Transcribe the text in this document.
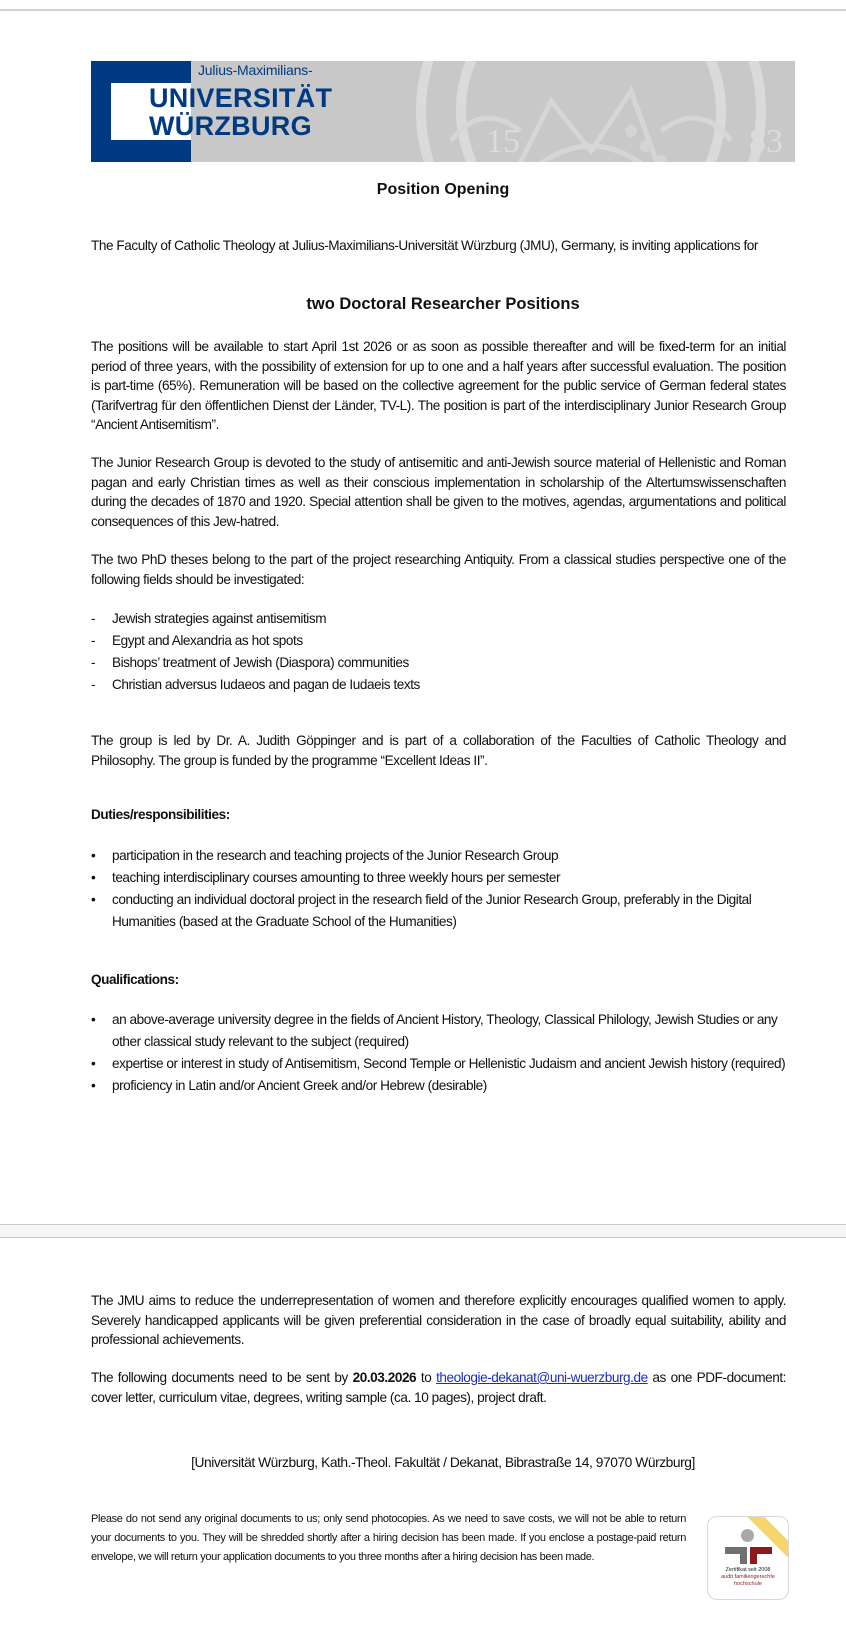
15	83
Julius-Maximilians-
UNIVERSITÄT
WÜRZBURG
Position Opening
The Faculty of Catholic Theology at Julius-Maximilians-Universität Würzburg (JMU), Germany, is inviting applications for
two Doctoral Researcher Positions
The positions will be available to start April 1st 2026 or as soon as possible thereafter and will be fixed-term for an initial period of three years, with the possibility of extension for up to one and a half years after successful evaluation. The position is part-time (65%). Remuneration will be based on the collective agreement for the public service of German federal states (Tarifvertrag für den öffentlichen Dienst der Länder, TV-L). The position is part of the interdisciplinary Junior Research Group “Ancient Antisemitism”.
The Junior Research Group is devoted to the study of antisemitic and anti-Jewish source material of Hellenistic and Roman pagan and early Christian times as well as their conscious implementation in scholarship of the Altertumswissenschaften during the decades of 1870 and 1920. Special attention shall be given to the motives, agendas, argumentations and political consequences of this Jew-hatred.
The two PhD theses belong to the part of the project researching Antiquity. From a classical studies perspective one of the following fields should be investigated:
- Jewish strategies against antisemitism
- Egypt and Alexandria as hot spots
- Bishops’ treatment of Jewish (Diaspora) communities
- Christian adversus Iudaeos and pagan de Iudaeis texts
The group is led by Dr. A. Judith Göppinger and is part of a collaboration of the Faculties of Catholic Theology and Philosophy. The group is funded by the programme “Excellent Ideas II”.
Duties/responsibilities:
• participation in the research and teaching projects of the Junior Research Group
• teaching interdisciplinary courses amounting to three weekly hours per semester
• conducting an individual doctoral project in the research field of the Junior Research Group, preferably in the Digital Humanities (based at the Graduate School of the Humanities)
Qualifications:
• an above-average university degree in the fields of Ancient History, Theology, Classical Philology, Jewish Studies or any other classical study relevant to the subject (required)
• expertise or interest in study of Antisemitism, Second Temple or Hellenistic Judaism and ancient Jewish history (required)
• proficiency in Latin and/or Ancient Greek and/or Hebrew (desirable)
The JMU aims to reduce the underrepresentation of women and therefore explicitly encourages qualified women to apply. Severely handicapped applicants will be given preferential consideration in the case of broadly equal suitability, ability and professional achievements.
The following documents need to be sent by 20.03.2026 to theologie-dekanat@uni-wuerzburg.de as one PDF-document: cover letter, curriculum vitae, degrees, writing sample (ca. 10 pages), project draft.
[Universität Würzburg, Kath.-Theol. Fakultät / Dekanat, Bibrastraße 14, 97070 Würzburg]
Please do not send any original documents to us; only send photocopies. As we need to save costs, we will not be able to return your documents to you. They will be shredded shortly after a hiring decision has been made. If you enclose a postage-paid return envelope, we will return your application documents to you three months after a hiring decision has been made.
Zertifikat seit 2008
audit familiengerechte
hochschule
